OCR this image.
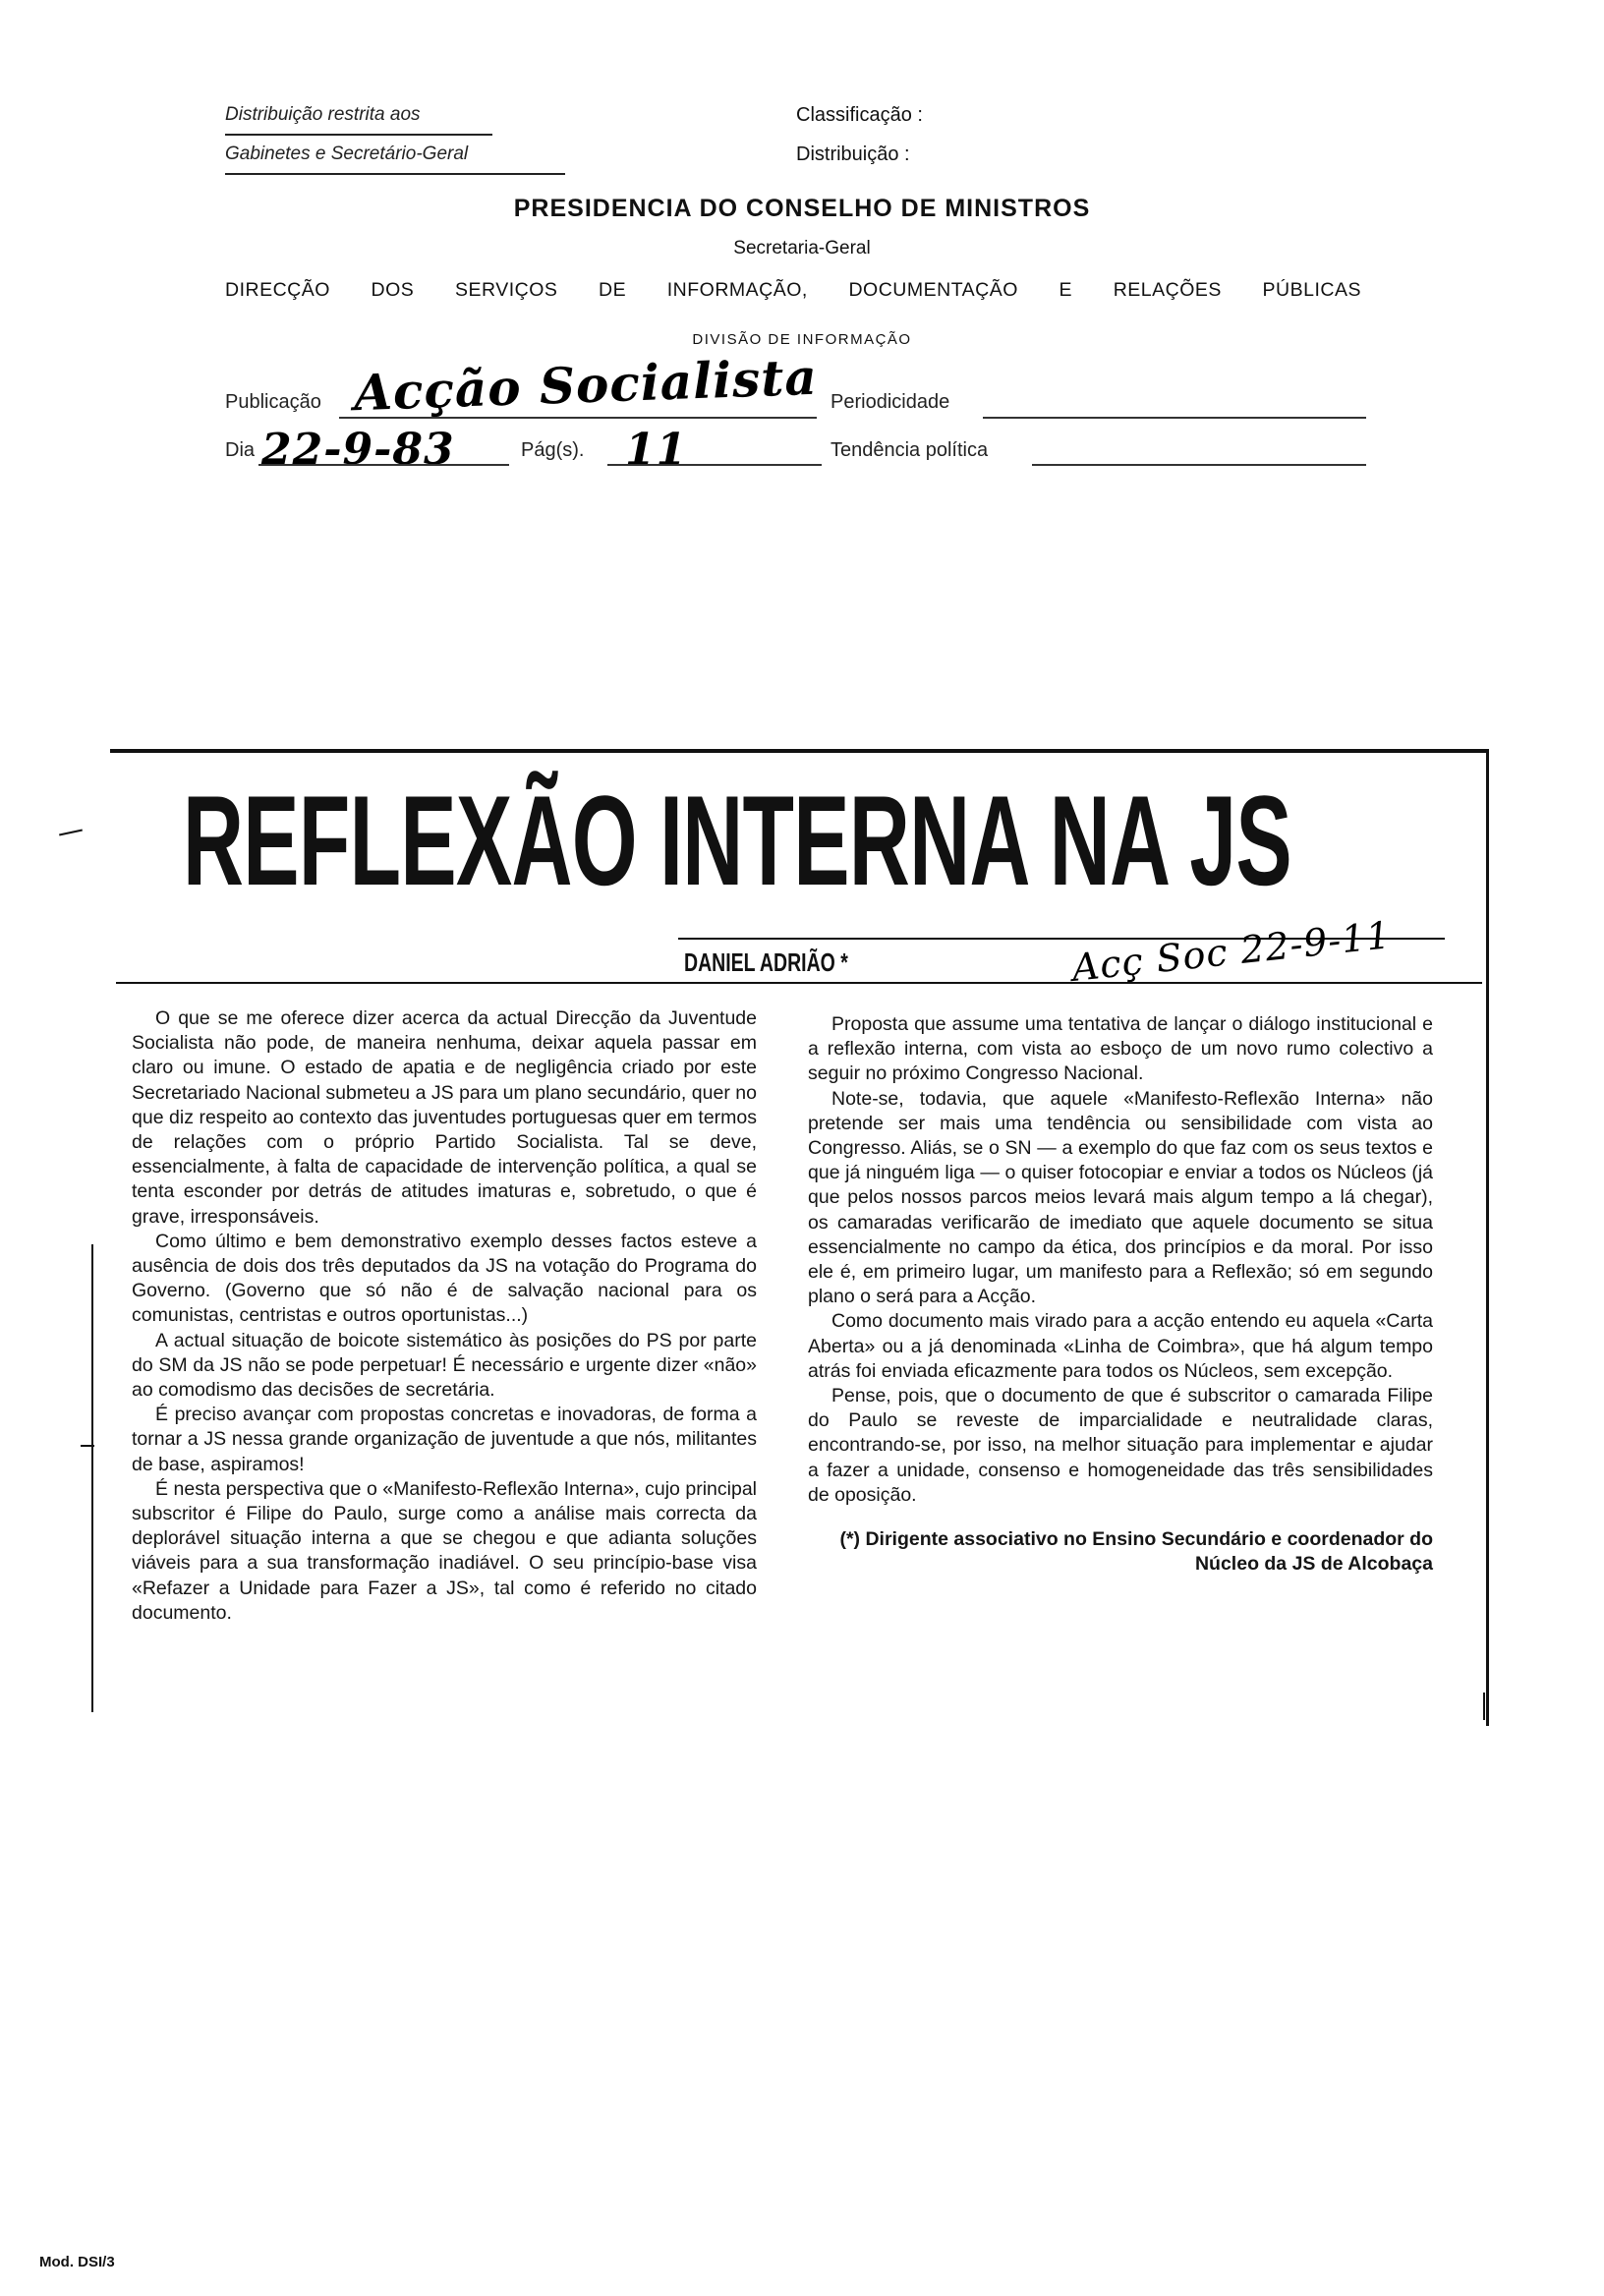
Distribuição restrita aos
Gabinetes e Secretário-Geral
Classificação :
Distribuição :
PRESIDENCIA DO CONSELHO DE MINISTROS
Secretaria-Geral
DIRECÇÃO DOS SERVIÇOS DE INFORMAÇÃO, DOCUMENTAÇÃO E RELAÇÕES PÚBLICAS
DIVISÃO DE INFORMAÇÃO
Publicação Acção Socialista Periodicidade
Dia 22-9-83	Pág(s). 11	Tendência política
REFLEXÃO INTERNA NA JS
DANIEL ADRIÃO *	Acç Soc 22-9-11

O que se me oferece dizer acerca da actual Direcção da Juventude Socialista não pode, de maneira nenhuma, deixar aquela passar em claro ou imune. O estado de apatia e de negligência criado por este Secretariado Nacional submeteu a JS para um plano secundário, quer no que diz respeito ao contexto das juventudes portuguesas quer em termos de relações com o próprio Partido Socialista. Tal se deve, essencialmente, à falta de capacidade de intervenção política, a qual se tenta esconder por detrás de atitudes imaturas e, sobretudo, o que é grave, irresponsáveis.

Como último e bem demonstrativo exemplo desses factos esteve a ausência de dois dos três deputados da JS na votação do Programa do Governo. (Governo que só não é de salvação nacional para os comunistas, centristas e outros oportunistas...)

A actual situação de boicote sistemático às posições do PS por parte do SM da JS não se pode perpetuar! É necessário e urgente dizer «não» ao comodismo das decisões de secretária.

É preciso avançar com propostas concretas e inovadoras, de forma a tornar a JS nessa grande organização de juventude a que nós, militantes de base, aspiramos!

É nesta perspectiva que o «Manifesto-Reflexão Interna», cujo principal subscritor é Filipe do Paulo, surge como a análise mais correcta da deplorável situação interna a que se chegou e que adianta soluções viáveis para a sua transformação inadiável. O seu princípio-base visa «Refazer a Unidade para Fazer a JS», tal como é referido no citado documento.

Proposta que assume uma tentativa de lançar o diálogo institucional e a reflexão interna, com vista ao esboço de um novo rumo colectivo a seguir no próximo Congresso Nacional.

Note-se, todavia, que aquele «Manifesto-Reflexão Interna» não pretende ser mais uma tendência ou sensibilidade com vista ao Congresso. Aliás, se o SN — a exemplo do que faz com os seus textos e que já ninguém liga — o quiser fotocopiar e enviar a todos os Núcleos (já que pelos nossos parcos meios levará mais algum tempo a lá chegar), os camaradas verificarão de imediato que aquele documento se situa essencialmente no campo da ética, dos princípios e da moral. Por isso ele é, em primeiro lugar, um manifesto para a Reflexão; só em segundo plano o será para a Acção.

Como documento mais virado para a acção entendo eu aquela «Carta Aberta» ou a já denominada «Linha de Coimbra», que há algum tempo atrás foi enviada eficazmente para todos os Núcleos, sem excepção.

Pense, pois, que o documento de que é subscritor o camarada Filipe do Paulo se reveste de imparcialidade e neutralidade claras, encontrando-se, por isso, na melhor situação para implementar e ajudar a fazer a unidade, consenso e homogeneidade das três sensibilidades de oposição.

(*) Dirigente associativo no Ensino Secundário e coordenador do Núcleo da JS de Alcobaça
Mod. DSI/3
